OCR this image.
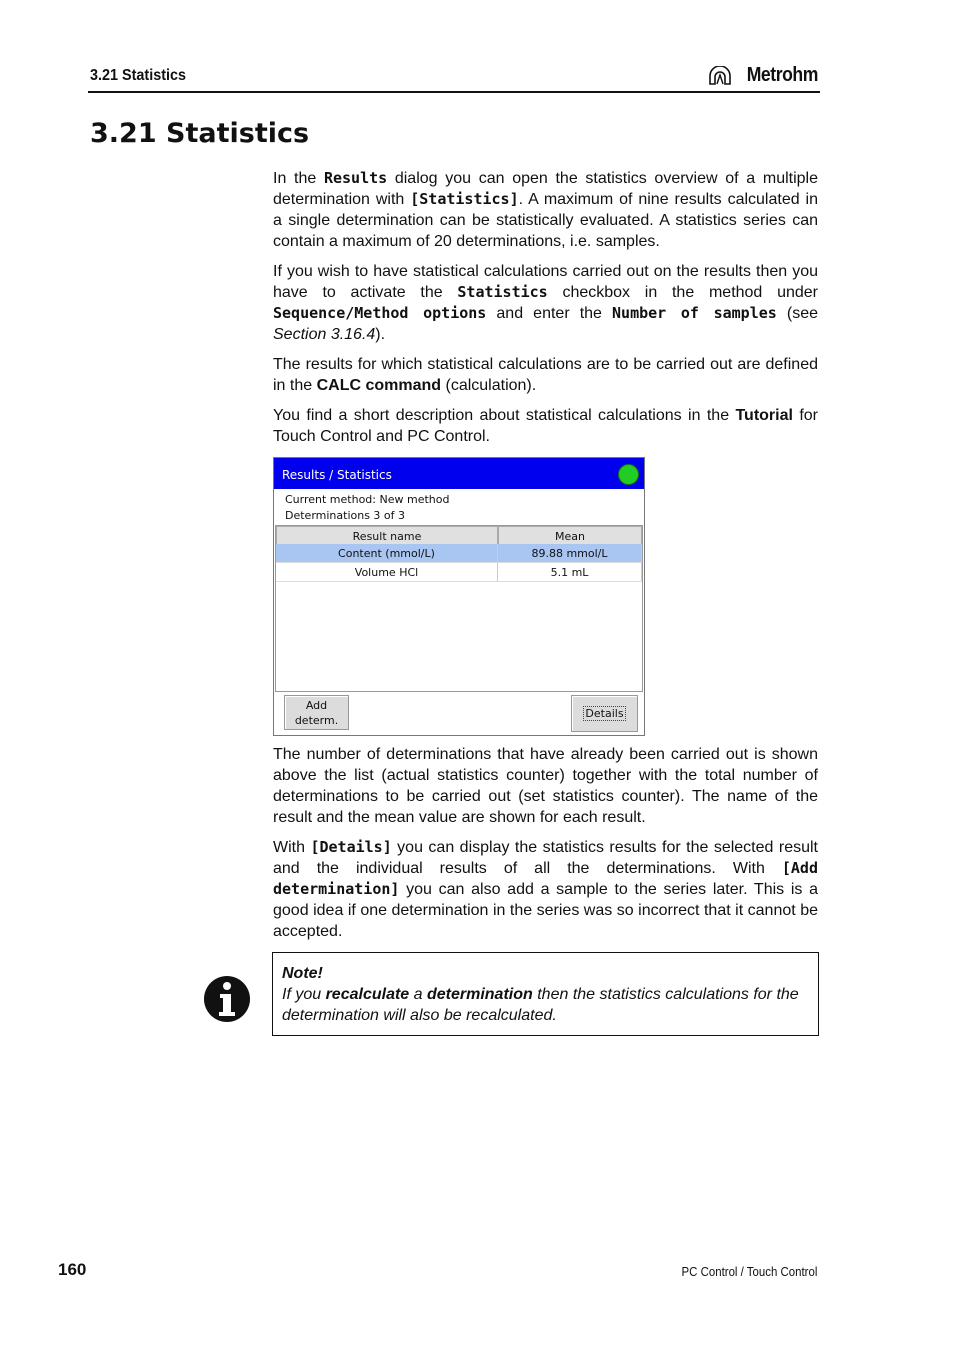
3.21 Statistics	Metrohm
3.21 Statistics

In the Results dialog you can open the statistics overview of a multiple determination with [Statistics]. A maximum of nine results calculated in a single determination can be statistically evaluated. A statistics series can contain a maximum of 20 determinations, i.e. samples.

If you wish to have statistical calculations carried out on the results then you have to activate the Statistics checkbox in the method under Sequence/Method options and enter the Number of samples (see Section 3.16.4).

The results for which statistical calculations are to be carried out are defined in the CALC command (calculation).

You find a short description about statistical calculations in the Tutorial for Touch Control and PC Control.

Results / Statistics
Current method: New method
Determinations 3 of 3
Result name	Mean
Content (mmol/L)	89.88 mmol/L
Volume HCl	5.1 mL
Add
determ.
Details

The number of determinations that have already been carried out is shown above the list (actual statistics counter) together with the total number of determinations to be carried out (set statistics counter). The name of the result and the mean value are shown for each result.

With [Details] you can display the statistics results for the selected result and the individual results of all the determinations. With [Add determination] you can also add a sample to the series later. This is a good idea if one determination in the series was so incorrect that it cannot be accepted.

Note!
If you recalculate a determination then the statistics calculations for the determination will also be recalculated.
160	PC Control / Touch Control
